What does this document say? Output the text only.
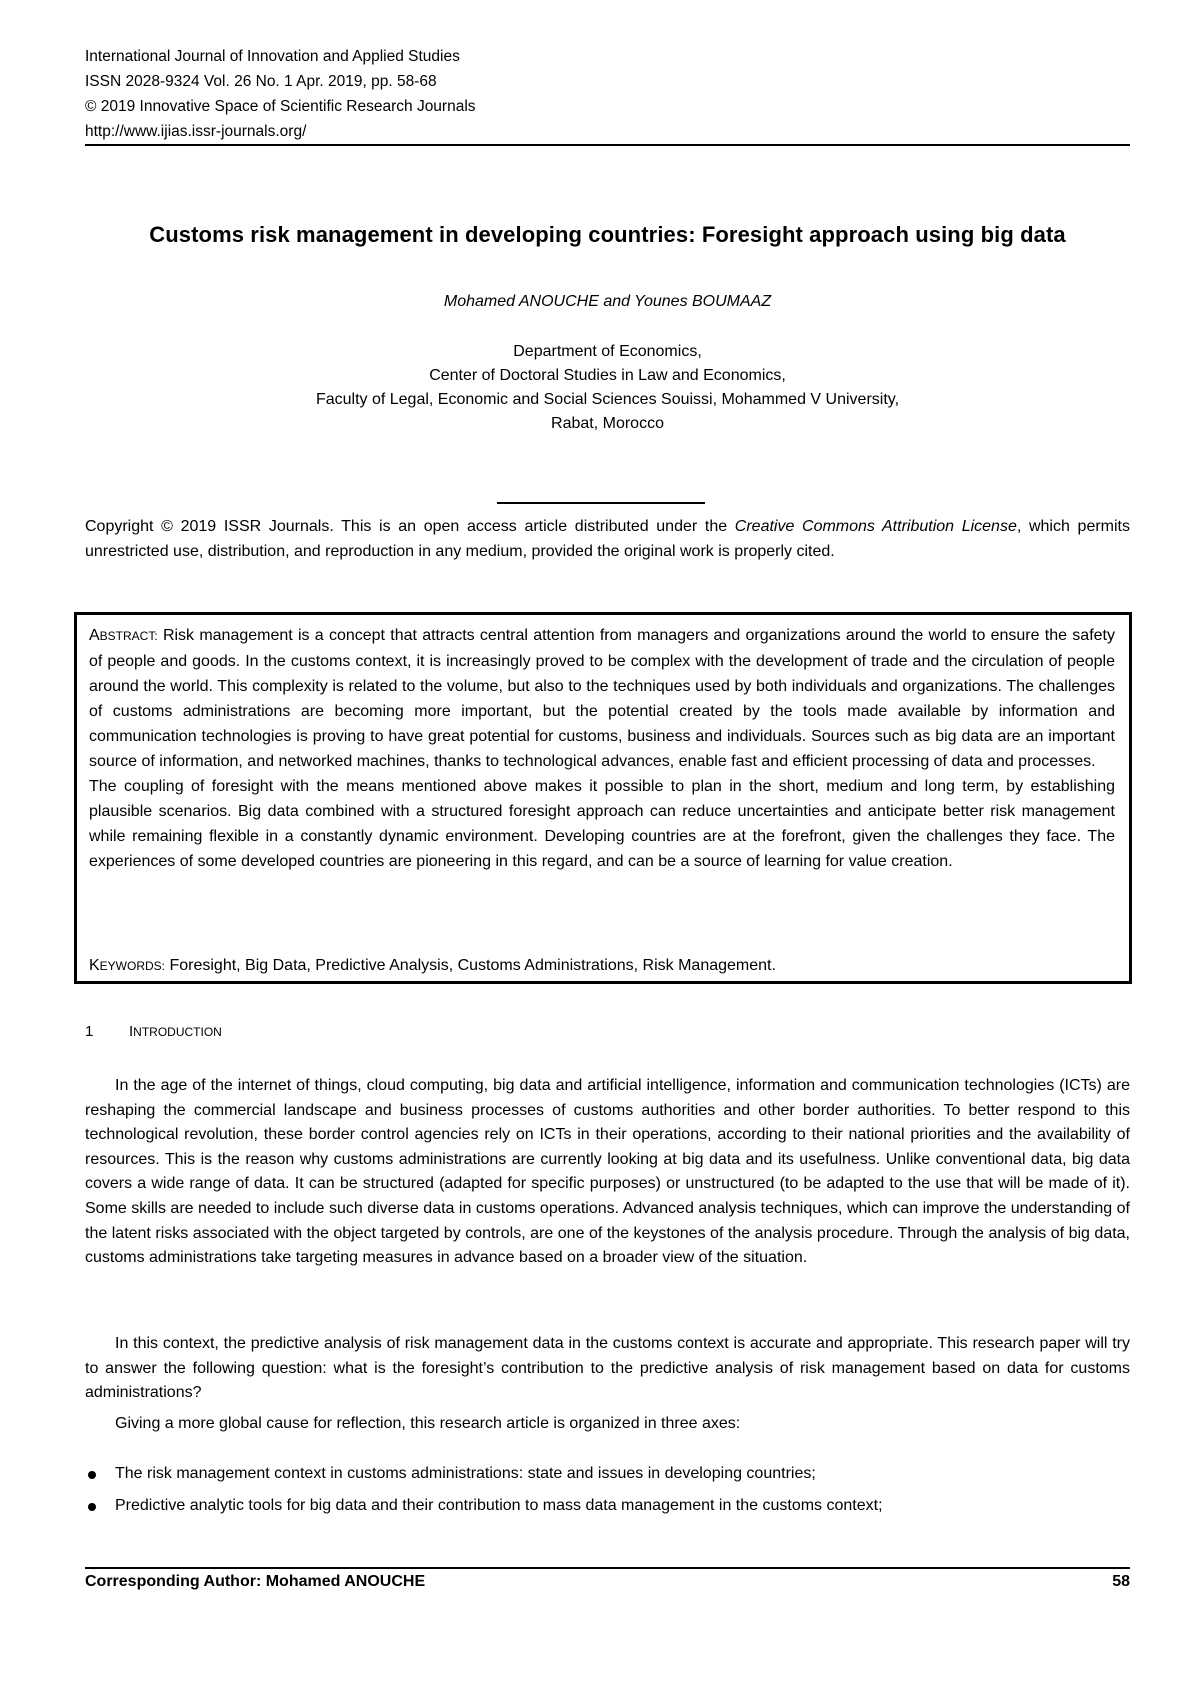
International Journal of Innovation and Applied Studies
ISSN 2028-9324 Vol. 26 No. 1 Apr. 2019, pp. 58-68
© 2019 Innovative Space of Scientific Research Journals
http://www.ijias.issr-journals.org/
Customs risk management in developing countries: Foresight approach using big data
Mohamed ANOUCHE and Younes BOUMAAZ
Department of Economics,
Center of Doctoral Studies in Law and Economics,
Faculty of Legal, Economic and Social Sciences Souissi, Mohammed V University,
Rabat, Morocco
Copyright © 2019 ISSR Journals. This is an open access article distributed under the Creative Commons Attribution License, which permits unrestricted use, distribution, and reproduction in any medium, provided the original work is properly cited.

ABSTRACT: Risk management is a concept that attracts central attention from managers and organizations around the world to ensure the safety of people and goods. In the customs context, it is increasingly proved to be complex with the development of trade and the circulation of people around the world. This complexity is related to the volume, but also to the techniques used by both individuals and organizations. The challenges of customs administrations are becoming more important, but the potential created by the tools made available by information and communication technologies is proving to have great potential for customs, business and individuals. Sources such as big data are an important source of information, and networked machines, thanks to technological advances, enable fast and efficient processing of data and processes.

The coupling of foresight with the means mentioned above makes it possible to plan in the short, medium and long term, by establishing plausible scenarios. Big data combined with a structured foresight approach can reduce uncertainties and anticipate better risk management while remaining flexible in a constantly dynamic environment. Developing countries are at the forefront, given the challenges they face. The experiences of some developed countries are pioneering in this regard, and can be a source of learning for value creation.

KEYWORDS: Foresight, Big Data, Predictive Analysis, Customs Administrations, Risk Management.
1 INTRODUCTION

In the age of the internet of things, cloud computing, big data and artificial intelligence, information and communication technologies (ICTs) are reshaping the commercial landscape and business processes of customs authorities and other border authorities. To better respond to this technological revolution, these border control agencies rely on ICTs in their operations, according to their national priorities and the availability of resources. This is the reason why customs administrations are currently looking at big data and its usefulness. Unlike conventional data, big data covers a wide range of data. It can be structured (adapted for specific purposes) or unstructured (to be adapted to the use that will be made of it). Some skills are needed to include such diverse data in customs operations. Advanced analysis techniques, which can improve the understanding of the latent risks associated with the object targeted by controls, are one of the keystones of the analysis procedure. Through the analysis of big data, customs administrations take targeting measures in advance based on a broader view of the situation.

In this context, the predictive analysis of risk management data in the customs context is accurate and appropriate. This research paper will try to answer the following question: what is the foresight’s contribution to the predictive analysis of risk management based on data for customs administrations?

Giving a more global cause for reflection, this research article is organized in three axes:

The risk management context in customs administrations: state and issues in developing countries;
Predictive analytic tools for big data and their contribution to mass data management in the customs context;
Corresponding Author: Mohamed ANOUCHE	58
